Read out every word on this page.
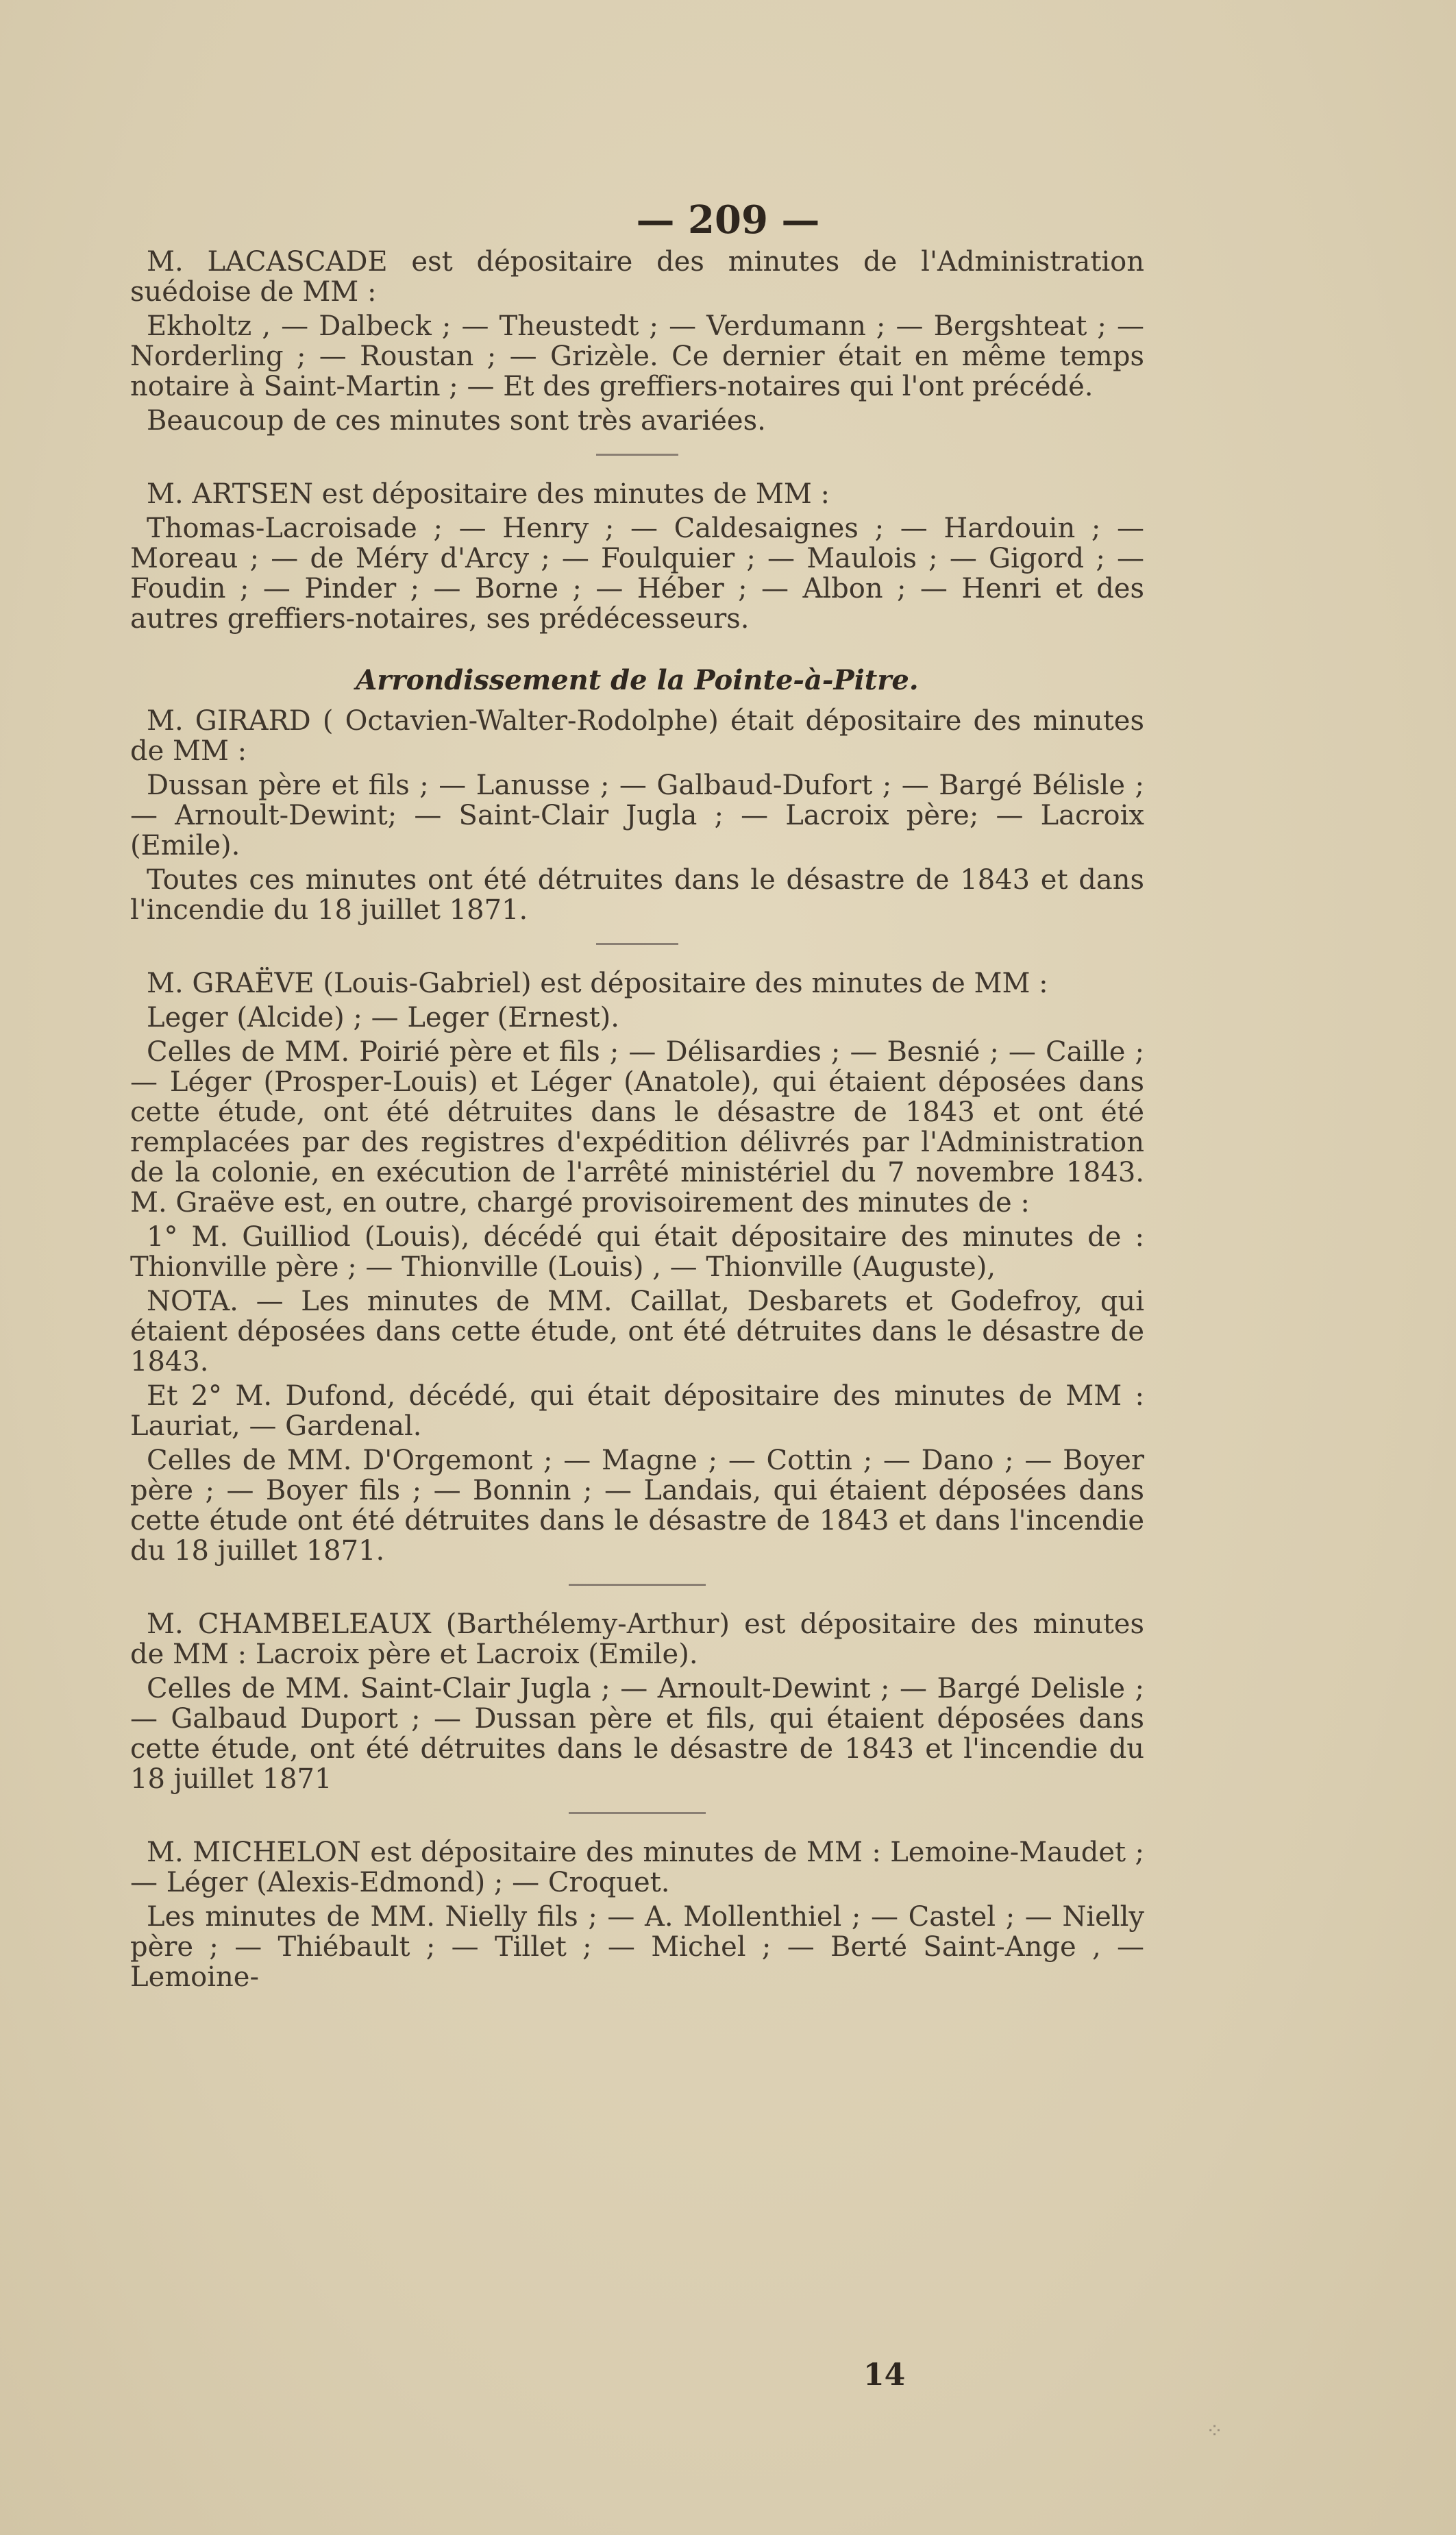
— 209 —

M. LACASCADE est dépositaire des minutes de l'Administration suédoise de MM :

Ekholtz , — Dalbeck ; — Theustedt ; — Verdumann ; — Bergshteat ; — Norderling ; — Roustan ; — Grizèle. Ce dernier était en même temps notaire à Saint-Martin ; — Et des greffiers-notaires qui l'ont précédé.

Beaucoup de ces minutes sont très avariées.

M. ARTSEN est dépositaire des minutes de MM :

Thomas-Lacroisade ; — Henry ; — Caldesaignes ; — Hardouin ; — Moreau ; — de Méry d'Arcy ; — Foulquier ; — Maulois ; — Gigord ; — Foudin ; — Pinder ; — Borne ; — Héber ; — Albon ; — Henri et des autres greffiers-notaires, ses prédécesseurs.

Arrondissement de la Pointe-à-Pitre.

M. GIRARD ( Octavien-Walter-Rodolphe) était dépositaire des minutes de MM :

Dussan père et fils ; — Lanusse ; — Galbaud-Dufort ; — Bargé Bélisle ; — Arnoult-Dewint; — Saint-Clair Jugla ; — Lacroix père; — Lacroix (Emile).

Toutes ces minutes ont été détruites dans le désastre de 1843 et dans l'incendie du 18 juillet 1871.

M. GRAËVE (Louis-Gabriel) est dépositaire des minutes de MM :

Leger (Alcide) ; — Leger (Ernest).

Celles de MM. Poirié père et fils ; — Délisardies ; — Besnié ; — Caille ; — Léger (Prosper-Louis) et Léger (Anatole), qui étaient déposées dans cette étude, ont été détruites dans le désastre de 1843 et ont été remplacées par des registres d'expédition délivrés par l'Administration de la colonie, en exécution de l'arrêté ministériel du 7 novembre 1843. M. Graëve est, en outre, chargé provisoirement des minutes de :

1° M. Guilliod (Louis), décédé qui était dépositaire des minutes de : Thionville père ; — Thionville (Louis) , — Thionville (Auguste),

NOTA. — Les minutes de MM. Caillat, Desbarets et Godefroy, qui étaient déposées dans cette étude, ont été détruites dans le désastre de 1843.

Et 2° M. Dufond, décédé, qui était dépositaire des minutes de MM : Lauriat, — Gardenal.

Celles de MM. D'Orgemont ; — Magne ; — Cottin ; — Dano ; — Boyer père ; — Boyer fils ; — Bonnin ; — Landais, qui étaient déposées dans cette étude ont été détruites dans le désastre de 1843 et dans l'incendie du 18 juillet 1871.

M. CHAMBELEAUX (Barthélemy-Arthur) est dépositaire des minutes de MM : Lacroix père et Lacroix (Emile).

Celles de MM. Saint-Clair Jugla ; — Arnoult-Dewint ; — Bargé Delisle ; — Galbaud Duport ; — Dussan père et fils, qui étaient déposées dans cette étude, ont été détruites dans le désastre de 1843 et l'incendie du 18 juillet 1871

M. MICHELON est dépositaire des minutes de MM : Lemoine-Maudet ; — Léger (Alexis-Edmond) ; — Croquet.

Les minutes de MM. Nielly fils ; — A. Mollenthiel ; — Castel ; — Nielly père ; — Thiébault ; — Tillet ; — Michel ; — Berté Saint-Ange , — Lemoine-

14
⁘
